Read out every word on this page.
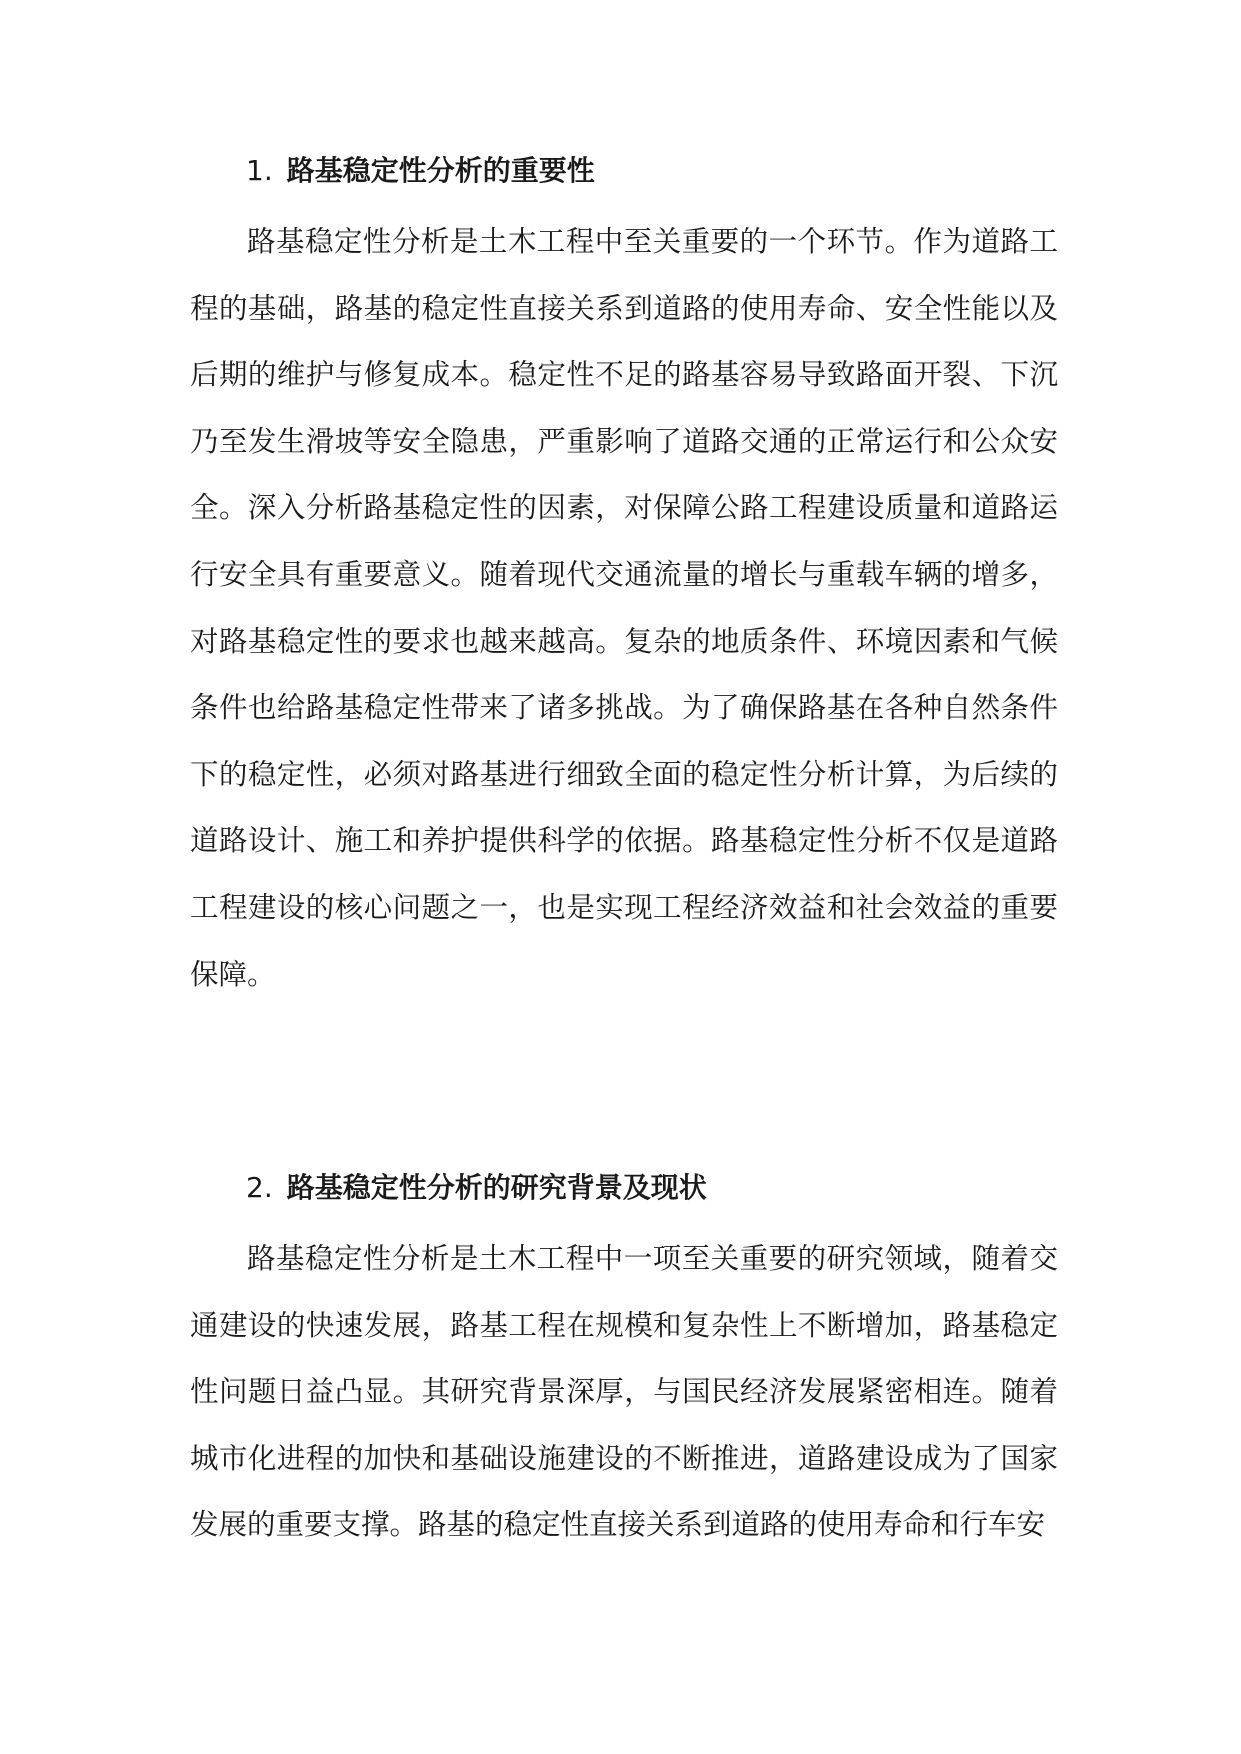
1. 路基稳定性分析的重要性

路基稳定性分析是土木工程中至关重要的一个环节。作为道路工程的基础，路基的稳定性直接关系到道路的使用寿命、安全性能以及后期的维护与修复成本。稳定性不足的路基容易导致路面开裂、下沉乃至发生滑坡等安全隐患，严重影响了道路交通的正常运行和公众安全。深入分析路基稳定性的因素，对保障公路工程建设质量和道路运行安全具有重要意义。随着现代交通流量的增长与重载车辆的增多，对路基稳定性的要求也越来越高。复杂的地质条件、环境因素和气候条件也给路基稳定性带来了诸多挑战。为了确保路基在各种自然条件下的稳定性，必须对路基进行细致全面的稳定性分析计算，为后续的道路设计、施工和养护提供科学的依据。路基稳定性分析不仅是道路工程建设的核心问题之一，也是实现工程经济效益和社会效益的重要保障。

2. 路基稳定性分析的研究背景及现状

路基稳定性分析是土木工程中一项至关重要的研究领域，随着交通建设的快速发展，路基工程在规模和复杂性上不断增加，路基稳定性问题日益凸显。其研究背景深厚，与国民经济发展紧密相连。随着城市化进程的加快和基础设施建设的不断推进，道路建设成为了国家发展的重要支撑。路基的稳定性直接关系到道路的使用寿命和行车安
